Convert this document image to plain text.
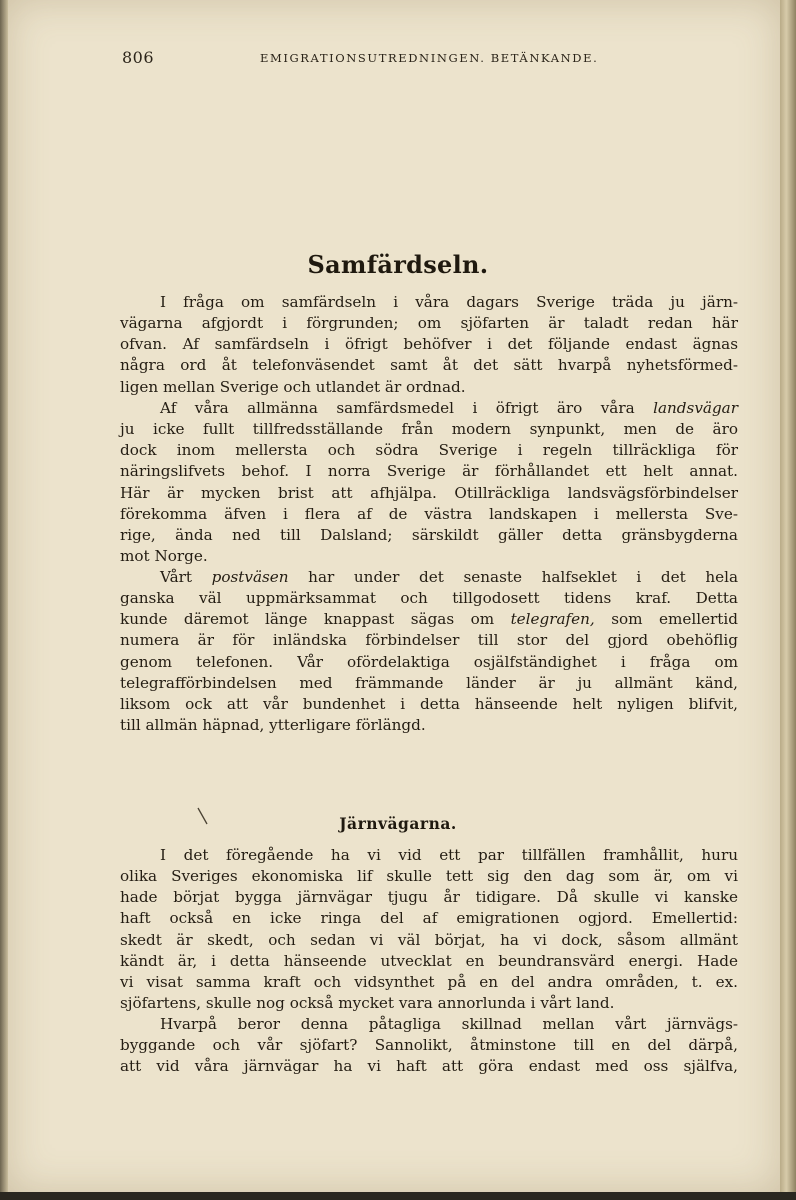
806	EMIGRATIONSUTREDNINGEN. BETÄNKANDE.
Samfärdseln.
I fråga om samfärdseln i våra dagars Sverige träda ju järn-
vägarna afgjordt i förgrunden; om sjöfarten är taladt redan här
ofvan. Af samfärdseln i öfrigt behöfver i det följande endast ägnas
några ord åt telefonväsendet samt åt det sätt hvarpå nyhetsförmed-
ligen mellan Sverige och utlandet är ordnad.
Af våra allmänna samfärdsmedel i öfrigt äro våra landsvägar
ju icke fullt tillfredsställande från modern synpunkt, men de äro
dock inom mellersta och södra Sverige i regeln tillräckliga för
näringslifvets behof. I norra Sverige är förhållandet ett helt annat.
Här är mycken brist att afhjälpa. Otillräckliga landsvägsförbindelser
förekomma äfven i flera af de västra landskapen i mellersta Sve-
rige, ända ned till Dalsland; särskildt gäller detta gränsbygderna
mot Norge.
Vårt postväsen har under det senaste halfseklet i det hela
ganska väl uppmärksammat och tillgodosett tidens kraf. Detta
kunde däremot länge knappast sägas om telegrafen, som emellertid
numera är för inländska förbindelser till stor del gjord obehöflig
genom telefonen. Vår ofördelaktiga osjälfständighet i fråga om
telegrafförbindelsen med främmande länder är ju allmänt känd,
liksom ock att vår bundenhet i detta hänseende helt nyligen blifvit,
till allmän häpnad, ytterligare förlängd.
Järnvägarna.
I det föregående ha vi vid ett par tillfällen framhållit, huru
olika Sveriges ekonomiska lif skulle tett sig den dag som är, om vi
hade börjat bygga järnvägar tjugu år tidigare. Då skulle vi kanske
haft också en icke ringa del af emigrationen ogjord. Emellertid:
skedt är skedt, och sedan vi väl börjat, ha vi dock, såsom allmänt
kändt är, i detta hänseende utvecklat en beundransvärd energi. Hade
vi visat samma kraft och vidsynthet på en del andra områden, t. ex.
sjöfartens, skulle nog också mycket vara annorlunda i vårt land.
Hvarpå beror denna påtagliga skillnad mellan vårt järnvägs-
byggande och vår sjöfart? Sannolikt, åtminstone till en del därpå,
att vid våra järnvägar ha vi haft att göra endast med oss själfva,
